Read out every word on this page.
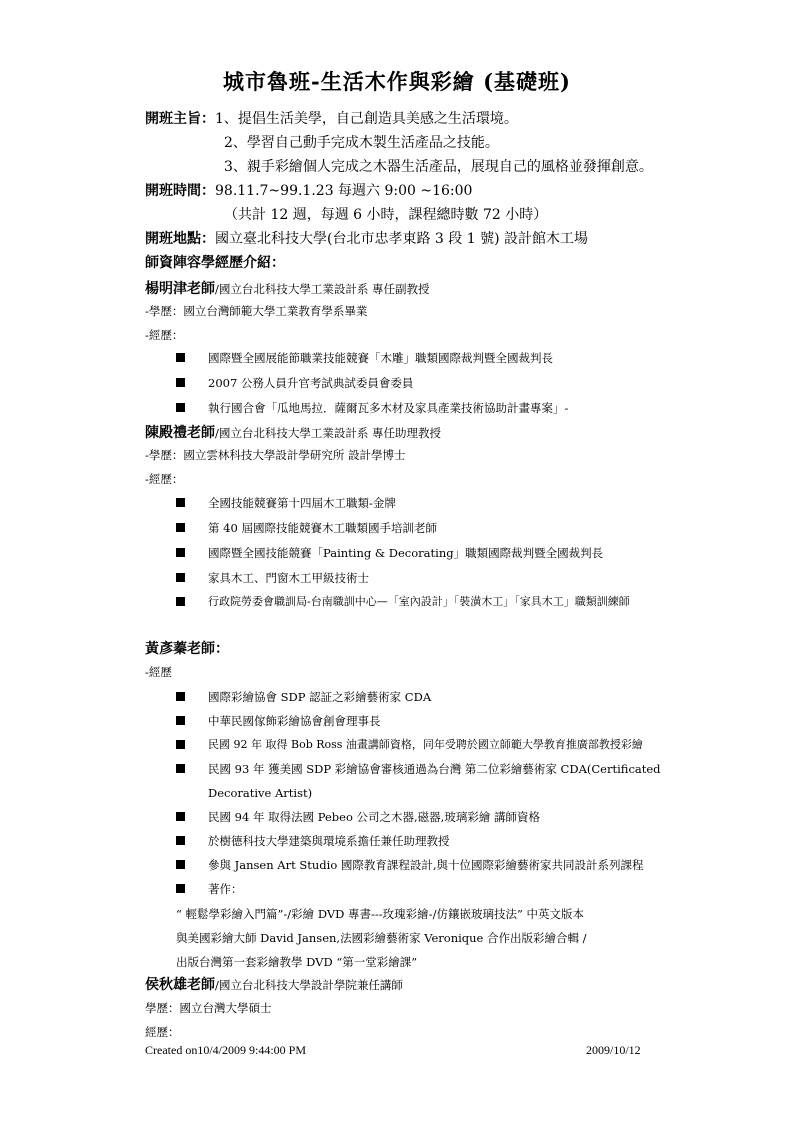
城市魯班-生活木作與彩繪 (基礎班)
開班主旨：1、提倡生活美學，自己創造具美感之生活環境。
2、學習自己動手完成木製生活產品之技能。
3、親手彩繪個人完成之木器生活產品，展現自己的風格並發揮創意。
開班時間：98.11.7~99.1.23 每週六 9:00 ~16:00
（共計 12 週，每週 6 小時，課程總時數 72 小時）
開班地點：國立臺北科技大學(台北市忠孝東路 3 段 1 號) 設計館木工場
師資陣容學經歷介紹：
楊明津老師/國立台北科技大學工業設計系 專任副教授
-學歷：國立台灣師範大學工業教育學系畢業
-經歷：
國際暨全國展能節職業技能競賽「木雕」職類國際裁判暨全國裁判長
2007 公務人員升官考試典試委員會委員
執行國合會「瓜地馬拉．薩爾瓦多木材及家具產業技術協助計畫專案」-
陳殿禮老師/國立台北科技大學工業設計系 專任助理教授
-學歷：國立雲林科技大學設計學研究所 設計學博士
-經歷：
全國技能競賽第十四屆木工職類-金牌
第 40 屆國際技能競賽木工職類國手培訓老師
國際暨全國技能競賽「Painting & Decorating」職類國際裁判暨全國裁判長
家具木工、門窗木工甲級技術士
行政院勞委會職訓局-台南職訓中心—「室內設計」「裝潢木工」「家具木工」職類訓練師
黃彥蓁老師：
-經歷
國際彩繪協會 SDP 認証之彩繪藝術家 CDA
中華民國傢飾彩繪協會創會理事長
民國 92 年 取得 Bob Ross 油畫講師資格，同年受聘於國立師範大學教育推廣部教授彩繪
民國 93 年 獲美國 SDP 彩繪協會審核通過為台灣 第二位彩繪藝術家 CDA(Certificated
Decorative Artist)
民國 94 年 取得法國 Pebeo 公司之木器,磁器,玻璃彩繪 講師資格
於樹德科技大學建築與環境系擔任兼任助理教授
參與 Jansen Art Studio 國際教育課程設計,與十位國際彩繪藝術家共同設計系列課程
著作：
“ 輕鬆學彩繪入門篇”-/彩繪 DVD 專書---玫瑰彩繪-/仿鑲嵌玻璃技法” 中英文版本
與美國彩繪大師 David Jansen,法國彩繪藝術家 Veronique 合作出版彩繪合輯 /
出版台灣第一套彩繪教學 DVD “第一堂彩繪課”
侯秋雄老師/國立台北科技大學設計學院兼任講師
學歷：國立台灣大學碩士
經歷：
Created on10/4/2009 9:44:00 PM	2009/10/12
